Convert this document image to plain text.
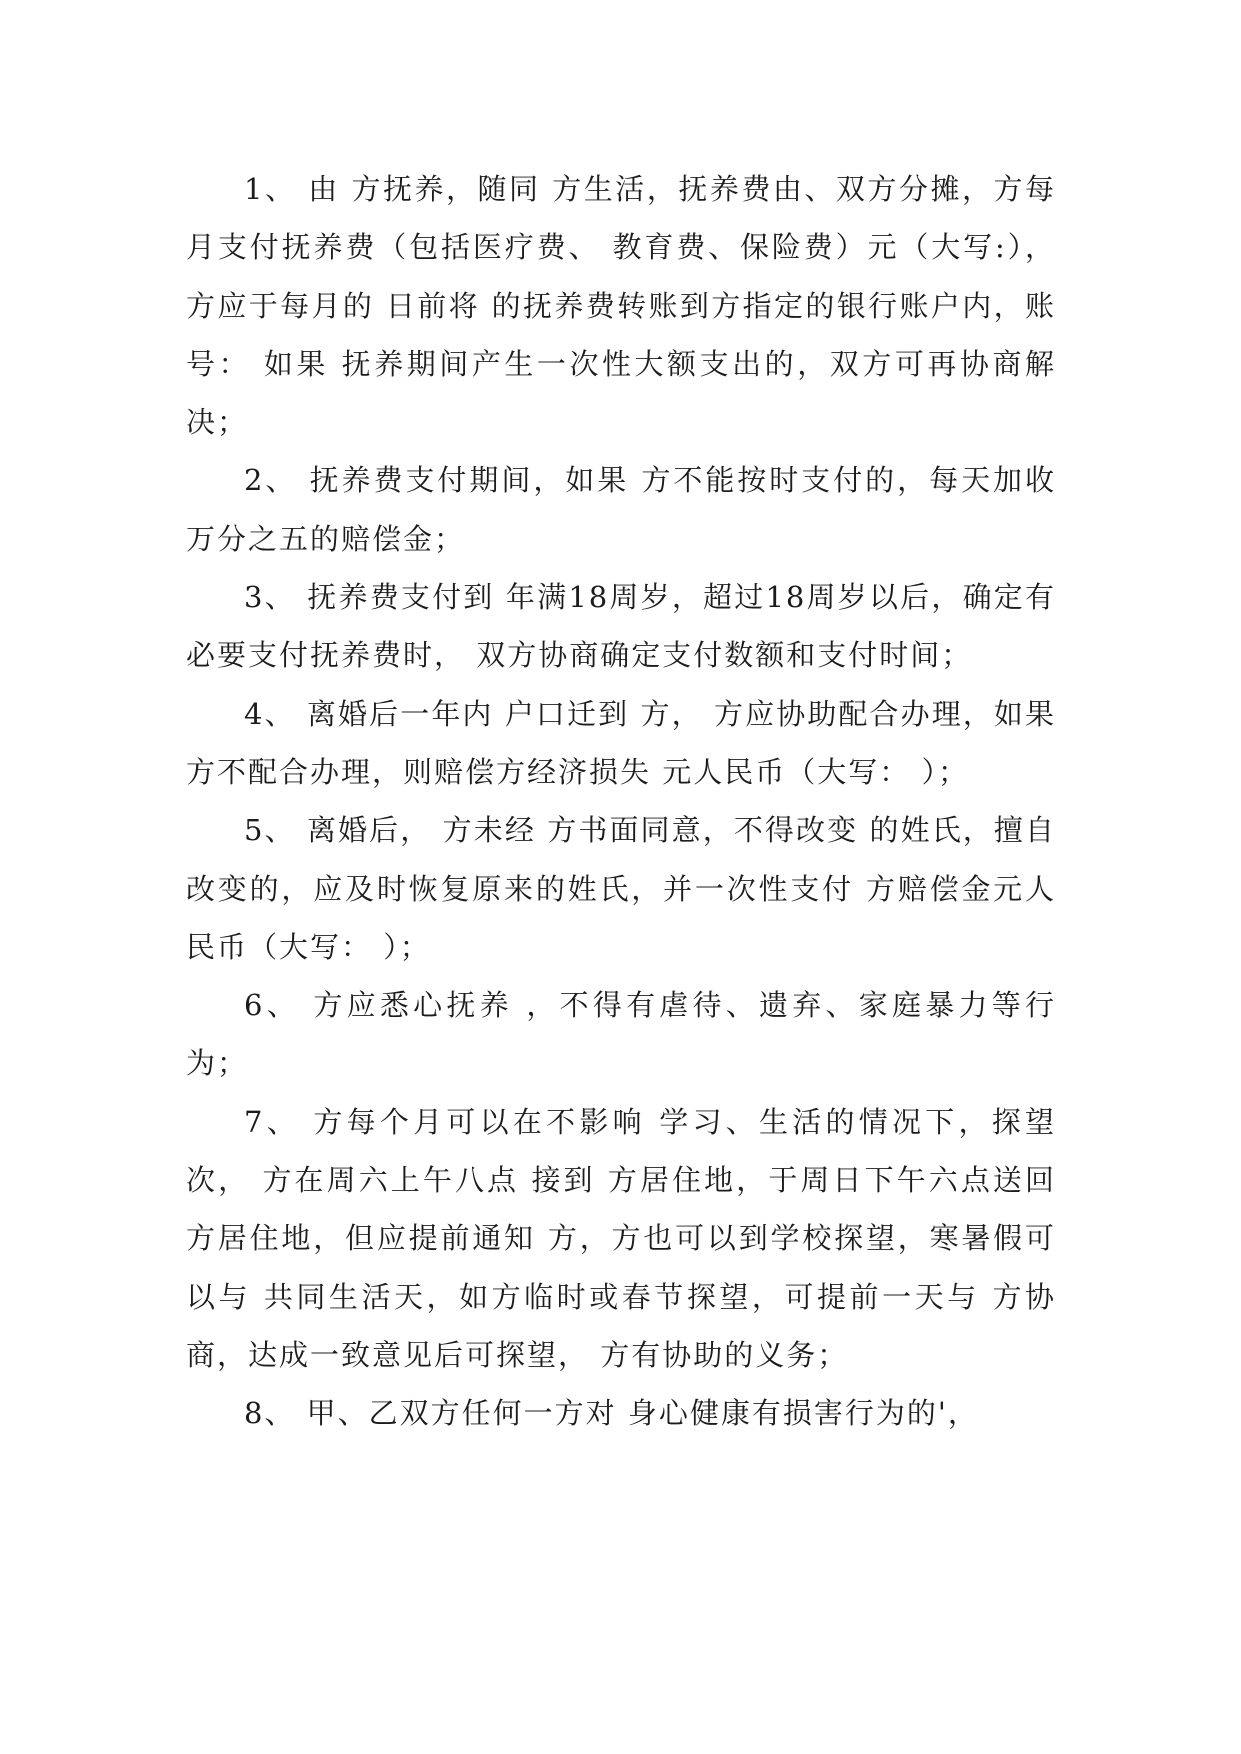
1、 由 方抚养，随同 方生活，抚养费由、双方分摊，方每月支付抚养费（包括医疗费、 教育费、保险费）元（大写:）， 方应于每月的 日前将 的抚养费转账到方指定的银行账户内，账号： 如果 抚养期间产生一次性大额支出的，双方可再协商解决；

2、 抚养费支付期间，如果 方不能按时支付的，每天加收万分之五的赔偿金；

3、 抚养费支付到 年满18周岁，超过18周岁以后，确定有必要支付抚养费时， 双方协商确定支付数额和支付时间；

4、 离婚后一年内 户口迁到 方， 方应协助配合办理，如果 方不配合办理，则赔偿方经济损失 元人民币（大写： ）；

5、 离婚后， 方未经 方书面同意，不得改变 的姓氏，擅自改变的，应及时恢复原来的姓氏，并一次性支付 方赔偿金元人民币（大写： ）；

6、 方应悉心抚养 ，不得有虐待、遗弃、家庭暴力等行为；

7、 方每个月可以在不影响 学习、生活的情况下，探望 次， 方在周六上午八点 接到 方居住地，于周日下午六点送回 方居住地，但应提前通知 方，方也可以到学校探望，寒暑假可以与 共同生活天，如方临时或春节探望，可提前一天与 方协商，达成一致意见后可探望， 方有协助的义务；

8、 甲、乙双方任何一方对 身心健康有损害行为的'，
